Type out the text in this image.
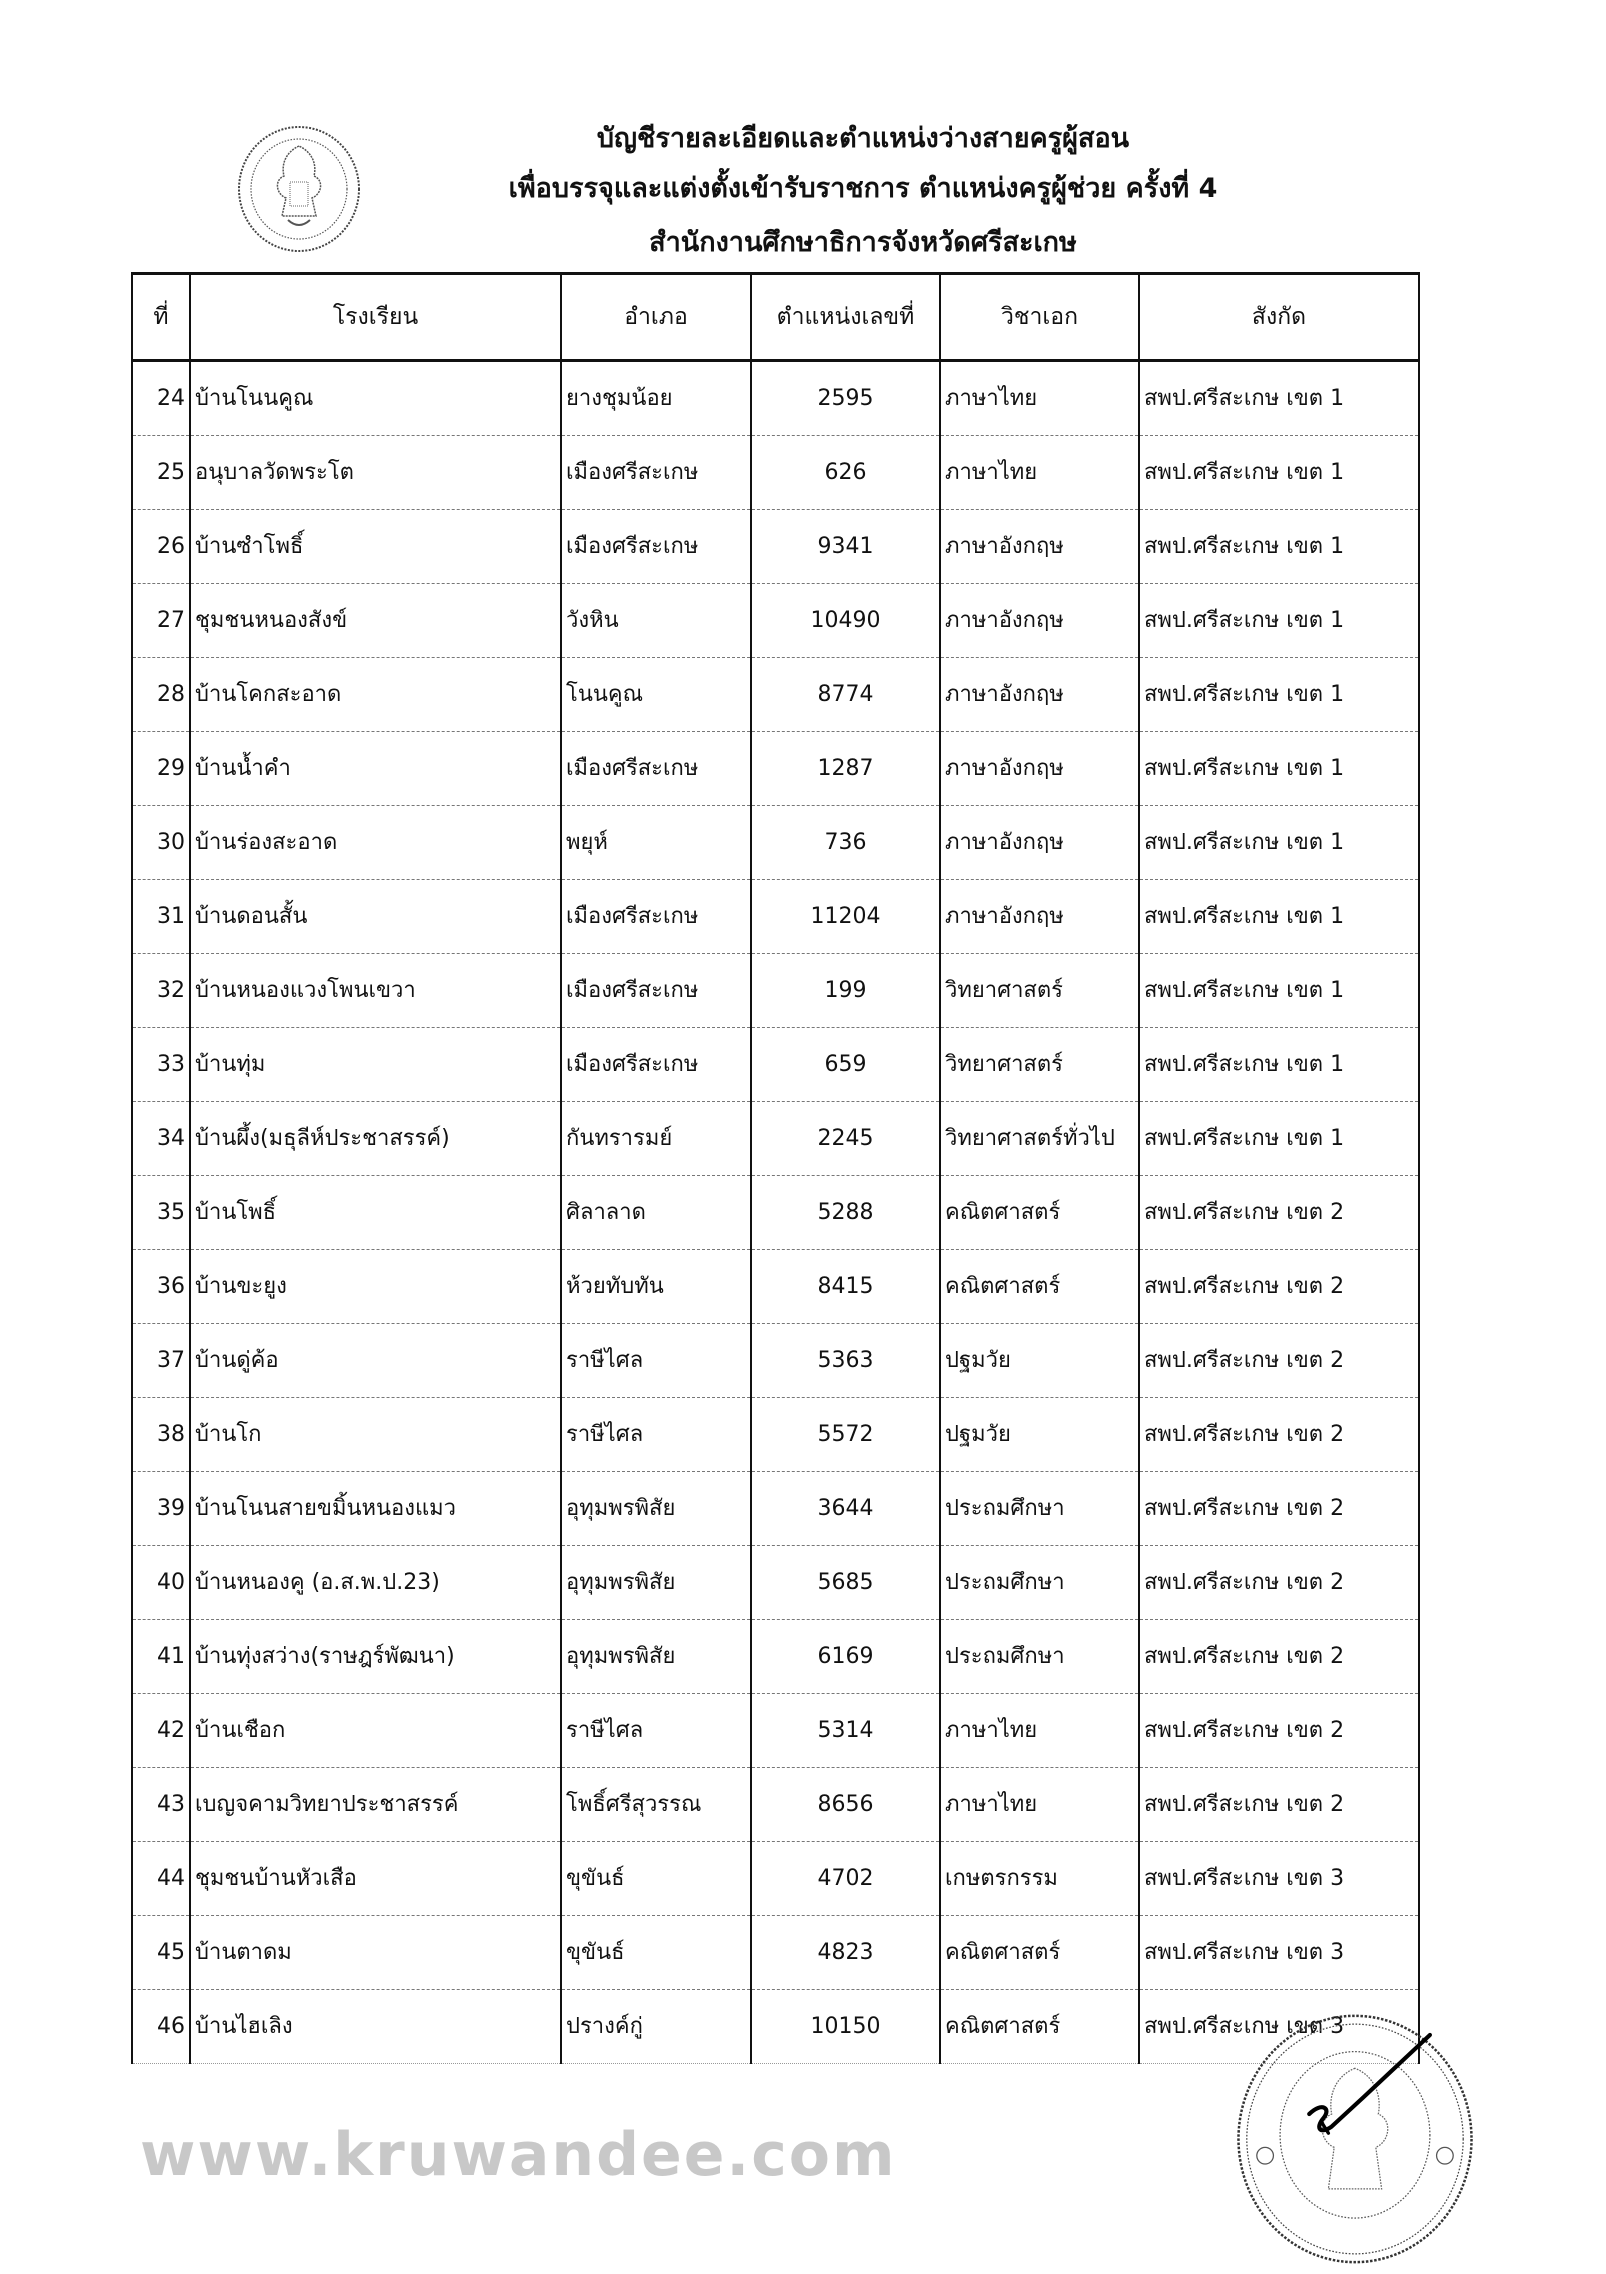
บัญชีรายละเอียดและตำแหน่งว่างสายครูผู้สอน
เพื่อบรรจุและแต่งตั้งเข้ารับราชการ ตำแหน่งครูผู้ช่วย ครั้งที่ 4
สำนักงานศึกษาธิการจังหวัดศรีสะเกษ
ที่	โรงเรียน	อำเภอ	ตำแหน่งเลขที่	วิชาเอก	สังกัด
24	บ้านโนนคูณ	ยางชุมน้อย	2595	ภาษาไทย	สพป.ศรีสะเกษ เขต 1
25	อนุบาลวัดพระโต	เมืองศรีสะเกษ	626	ภาษาไทย	สพป.ศรีสะเกษ เขต 1
26	บ้านซำโพธิ์	เมืองศรีสะเกษ	9341	ภาษาอังกฤษ	สพป.ศรีสะเกษ เขต 1
27	ชุมชนหนองสังข์	วังหิน	10490	ภาษาอังกฤษ	สพป.ศรีสะเกษ เขต 1
28	บ้านโคกสะอาด	โนนคูณ	8774	ภาษาอังกฤษ	สพป.ศรีสะเกษ เขต 1
29	บ้านน้ำคำ	เมืองศรีสะเกษ	1287	ภาษาอังกฤษ	สพป.ศรีสะเกษ เขต 1
30	บ้านร่องสะอาด	พยุห์	736	ภาษาอังกฤษ	สพป.ศรีสะเกษ เขต 1
31	บ้านดอนสั้น	เมืองศรีสะเกษ	11204	ภาษาอังกฤษ	สพป.ศรีสะเกษ เขต 1
32	บ้านหนองแวงโพนเขวา	เมืองศรีสะเกษ	199	วิทยาศาสตร์	สพป.ศรีสะเกษ เขต 1
33	บ้านทุ่ม	เมืองศรีสะเกษ	659	วิทยาศาสตร์	สพป.ศรีสะเกษ เขต 1
34	บ้านผึ้ง(มธุลีห์ประชาสรรค์)	กันทรารมย์	2245	วิทยาศาสตร์ทั่วไป	สพป.ศรีสะเกษ เขต 1
35	บ้านโพธิ์	ศิลาลาด	5288	คณิตศาสตร์	สพป.ศรีสะเกษ เขต 2
36	บ้านขะยูง	ห้วยทับทัน	8415	คณิตศาสตร์	สพป.ศรีสะเกษ เขต 2
37	บ้านดู่ค้อ	ราษีไศล	5363	ปฐมวัย	สพป.ศรีสะเกษ เขต 2
38	บ้านโก	ราษีไศล	5572	ปฐมวัย	สพป.ศรีสะเกษ เขต 2
39	บ้านโนนสายขมิ้นหนองแมว	อุทุมพรพิสัย	3644	ประถมศึกษา	สพป.ศรีสะเกษ เขต 2
40	บ้านหนองคู (อ.ส.พ.ป.23)	อุทุมพรพิสัย	5685	ประถมศึกษา	สพป.ศรีสะเกษ เขต 2
41	บ้านทุ่งสว่าง(ราษฎร์พัฒนา)	อุทุมพรพิสัย	6169	ประถมศึกษา	สพป.ศรีสะเกษ เขต 2
42	บ้านเชือก	ราษีไศล	5314	ภาษาไทย	สพป.ศรีสะเกษ เขต 2
43	เบญจคามวิทยาประชาสรรค์	โพธิ์ศรีสุวรรณ	8656	ภาษาไทย	สพป.ศรีสะเกษ เขต 2
44	ชุมชนบ้านหัวเสือ	ขุขันธ์	4702	เกษตรกรรม	สพป.ศรีสะเกษ เขต 3
45	บ้านตาดม	ขุขันธ์	4823	คณิตศาสตร์	สพป.ศรีสะเกษ เขต 3
46	บ้านไฮเลิง	ปรางค์กู่	10150	คณิตศาสตร์	สพป.ศรีสะเกษ เขต 3
www.kruwandee.com
